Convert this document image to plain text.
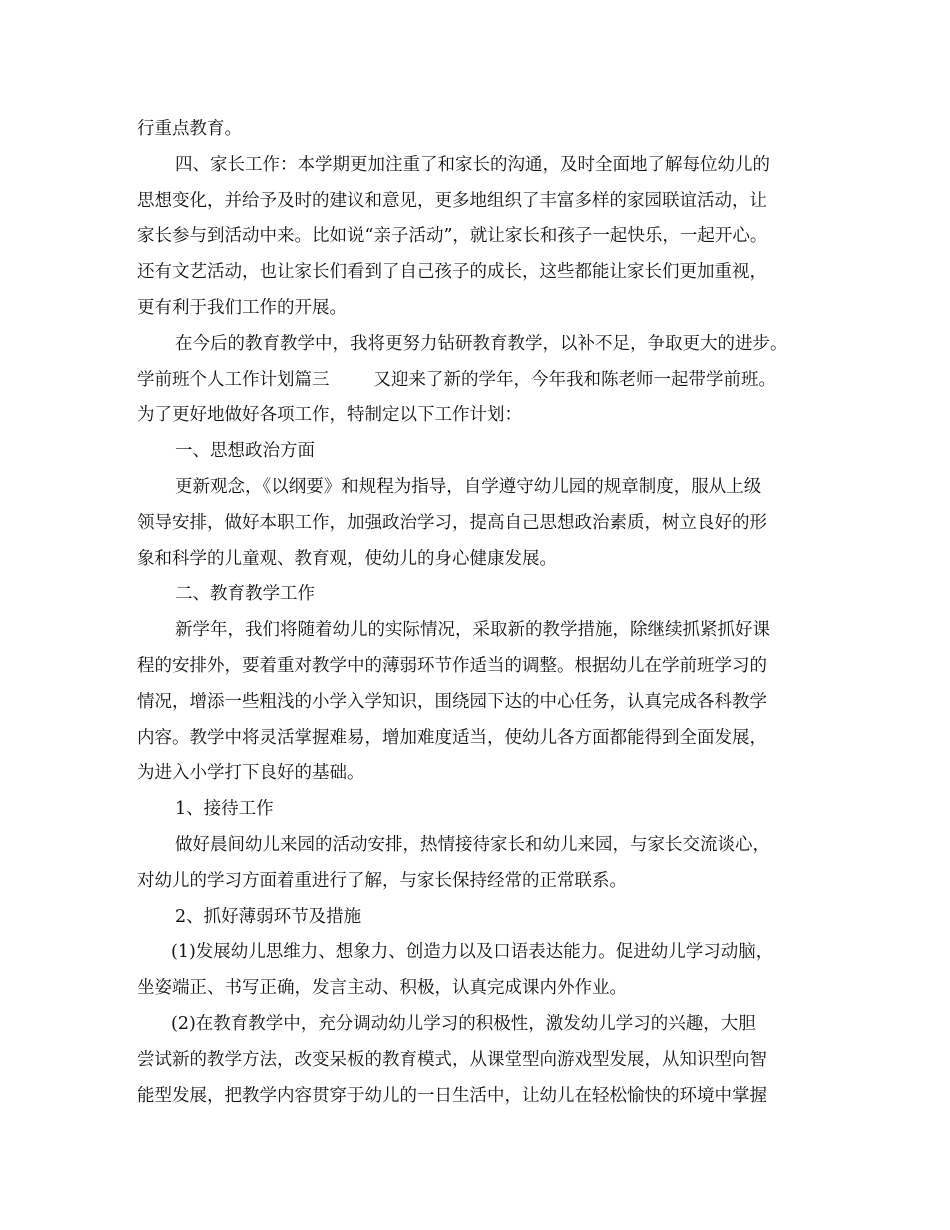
行重点教育。
四、家长工作：本学期更加注重了和家长的沟通，及时全面地了解每位幼儿的
思想变化，并给予及时的建议和意见，更多地组织了丰富多样的家园联谊活动，让
家长参与到活动中来。比如说“亲子活动”，就让家长和孩子一起快乐，一起开心。
还有文艺活动，也让家长们看到了自己孩子的成长，这些都能让家长们更加重视，
更有利于我们工作的开展。
在今后的教育教学中，我将更努力钻研教育教学，以补不足，争取更大的进步。
学前班个人工作计划篇三	又迎来了新的学年，今年我和陈老师一起带学前班。
为了更好地做好各项工作，特制定以下工作计划：
一、思想政治方面
更新观念，《以纲要》和规程为指导，自学遵守幼儿园的规章制度，服从上级
领导安排，做好本职工作，加强政治学习，提高自己思想政治素质，树立良好的形
象和科学的儿童观、教育观，使幼儿的身心健康发展。
二、教育教学工作
新学年，我们将随着幼儿的实际情况，采取新的教学措施，除继续抓紧抓好课
程的安排外，要着重对教学中的薄弱环节作适当的调整。根据幼儿在学前班学习的
情况，增添一些粗浅的小学入学知识，围绕园下达的中心任务，认真完成各科教学
内容。教学中将灵活掌握难易，增加难度适当，使幼儿各方面都能得到全面发展，
为进入小学打下良好的基础。
1、接待工作
做好晨间幼儿来园的活动安排，热情接待家长和幼儿来园，与家长交流谈心，
对幼儿的学习方面着重进行了解，与家长保持经常的正常联系。
2、抓好薄弱环节及措施
(1)发展幼儿思维力、想象力、创造力以及口语表达能力。促进幼儿学习动脑，
坐姿端正、书写正确，发言主动、积极，认真完成课内外作业。
(2)在教育教学中，充分调动幼儿学习的积极性，激发幼儿学习的兴趣，大胆
尝试新的教学方法，改变呆板的教育模式，从课堂型向游戏型发展，从知识型向智
能型发展，把教学内容贯穿于幼儿的一日生活中，让幼儿在轻松愉快的环境中掌握
